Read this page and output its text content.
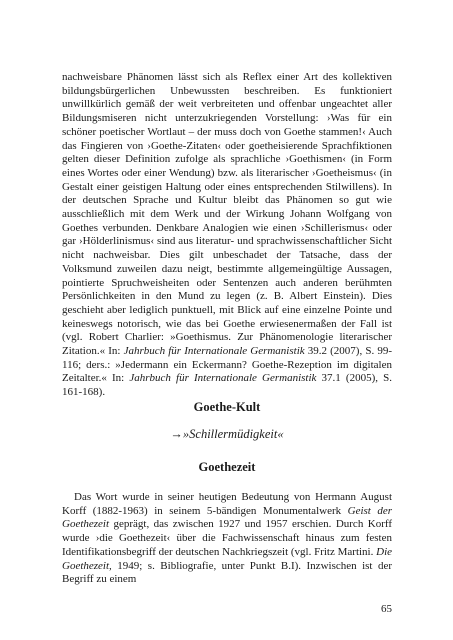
nachweisbare Phänomen lässt sich als Reflex einer Art des kollektiven bildungsbürgerlichen Unbewussten beschreiben. Es funktioniert unwillkürlich gemäß der weit verbreiteten und offenbar ungeachtet aller Bildungsmiseren nicht unterzukriegenden Vorstellung: ›Was für ein schöner poetischer Wortlaut – der muss doch von Goethe stammen!‹ Auch das Fingieren von ›Goethe-Zitaten‹ oder goetheisierende Sprachfiktionen gelten dieser Definition zufolge als sprachliche ›Goethismen‹ (in Form eines Wortes oder einer Wendung) bzw. als literarischer ›Goetheismus‹ (in Gestalt einer geistigen Haltung oder eines entsprechenden Stilwillens). In der deutschen Sprache und Kultur bleibt das Phänomen so gut wie ausschließlich mit dem Werk und der Wirkung Johann Wolfgang von Goethes verbunden. Denkbare Analogien wie einen ›Schillerismus‹ oder gar ›Hölderlinismus‹ sind aus literatur- und sprachwissenschaftlicher Sicht nicht nachweisbar. Dies gilt unbeschadet der Tatsache, dass der Volksmund zuweilen dazu neigt, bestimmte allgemeingültige Aussagen, pointierte Spruchweisheiten oder Sentenzen auch anderen berühmten Persönlichkeiten in den Mund zu legen (z. B. Albert Einstein). Dies geschieht aber lediglich punktuell, mit Blick auf eine einzelne Pointe und keineswegs notorisch, wie das bei Goethe erwiesenermaßen der Fall ist (vgl. Robert Charlier: »Goethismus. Zur Phänomenologie literarischer Zitation.« In: Jahrbuch für Internationale Germanistik 39.2 (2007), S. 99-116; ders.: »Jedermann ein Eckermann? Goethe-Rezeption im digitalen Zeitalter.« In: Jahrbuch für Internationale Germanistik 37.1 (2005), S. 161-168).

Goethe-Kult
→»Schillermüdigkeit«
Goethezeit

Das Wort wurde in seiner heutigen Bedeutung von Hermann August Korff (1882-1963) in seinem 5-bändigen Monumentalwerk Geist der Goethezeit geprägt, das zwischen 1927 und 1957 erschien. Durch Korff wurde ›die Goethezeit‹ über die Fachwissenschaft hinaus zum festen Identifikationsbegriff der deutschen Nachkriegszeit (vgl. Fritz Martini. Die Goethezeit, 1949; s. Bibliografie, unter Punkt B.I). Inzwischen ist der Begriff zu einem

65
